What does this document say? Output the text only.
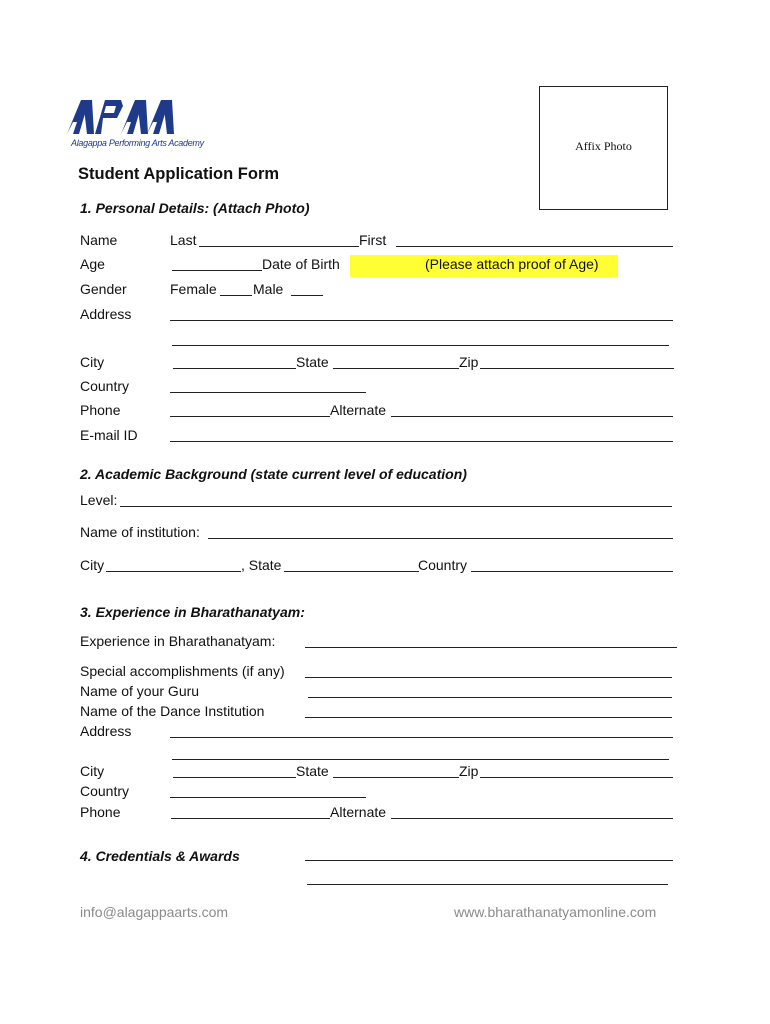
Alagappa Performing Arts Academy	Affix Photo
Student Application Form
1. Personal Details: (Attach Photo)
Name	Last	First
Age	Date of Birth	(Please attach proof of Age)
Gender	Female	Male
Address
City	State	Zip
Country
Phone	Alternate
E-mail ID
2. Academic Background (state current level of education)
Level:
Name of institution:
City	, State	Country
3. Experience in Bharathanatyam:
Experience in Bharathanatyam:
Special accomplishments (if any)
Name of your Guru
Name of the Dance Institution
Address
City	State	Zip
Country
Phone	Alternate
4. Credentials & Awards
info@alagappaarts.com	www.bharathanatyamonline.com
